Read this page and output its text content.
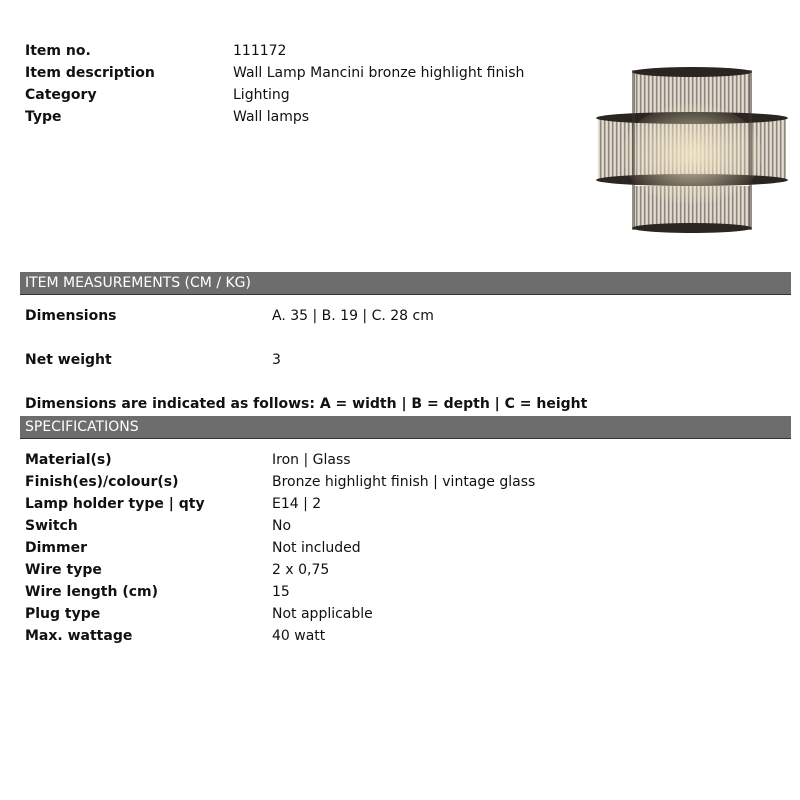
Item no.	111172
Item description	Wall Lamp Mancini bronze highlight finish
Category	Lighting
Type	Wall lamps
ITEM MEASUREMENTS (CM / KG)
Dimensions	A. 35 | B. 19 | C. 28 cm
Net weight	3
Dimensions are indicated as follows: A = width | B = depth | C = height
SPECIFICATIONS
Material(s)	Iron | Glass
Finish(es)/colour(s)	Bronze highlight finish | vintage glass
Lamp holder type | qty	E14 | 2
Switch	No
Dimmer	Not included
Wire type	2 x 0,75
Wire length (cm)	15
Plug type	Not applicable
Max. wattage	40 watt
